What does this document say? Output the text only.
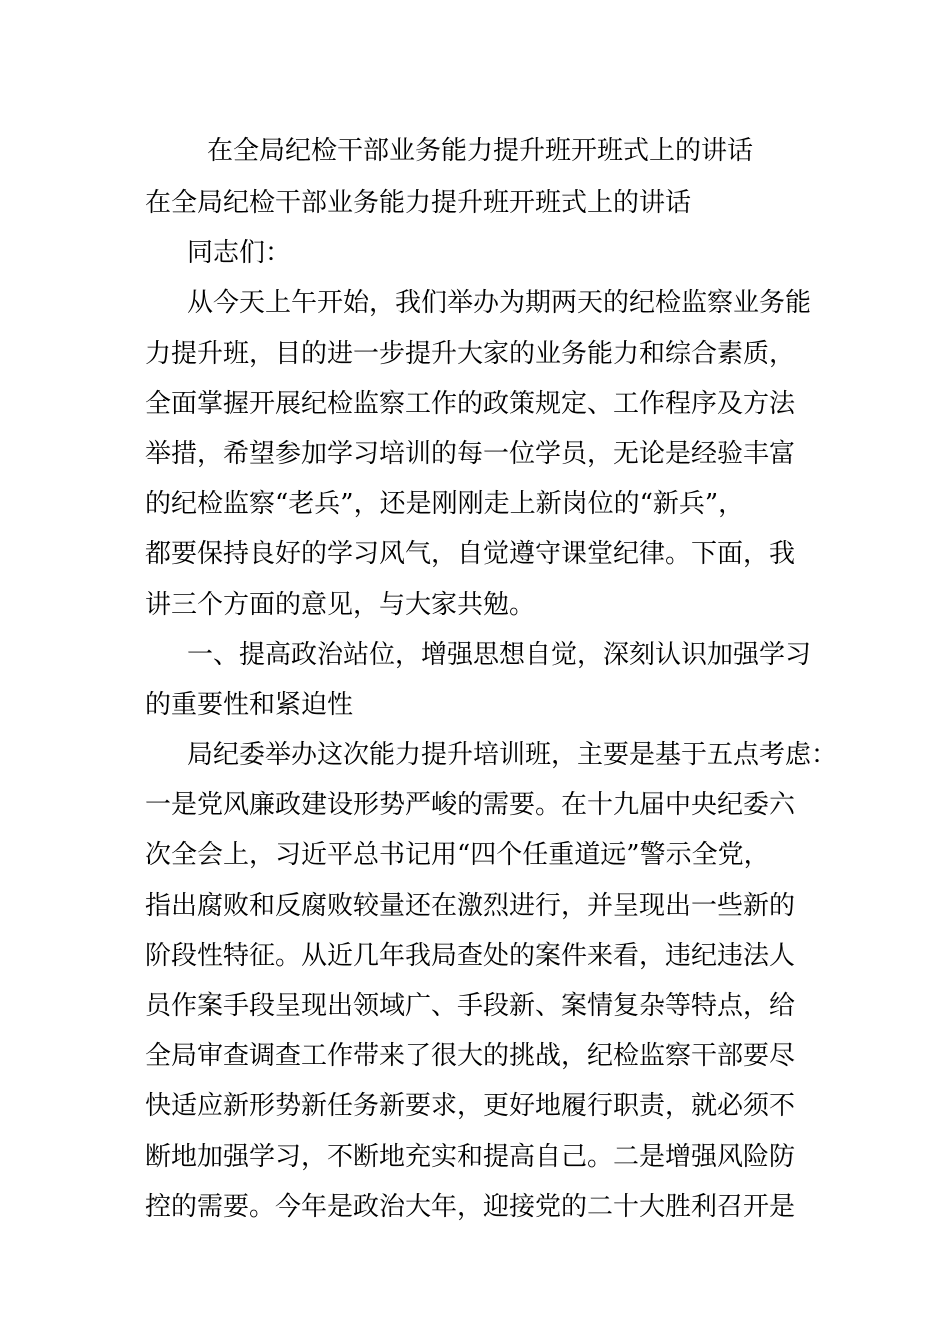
在全局纪检干部业务能力提升班开班式上的讲话

在全局纪检干部业务能力提升班开班式上的讲话

同志们：

从今天上午开始，我们举办为期两天的纪检监察业务能

力提升班，目的进一步提升大家的业务能力和综合素质，

全面掌握开展纪检监察工作的政策规定、工作程序及方法

举措，希望参加学习培训的每一位学员，无论是经验丰富

的纪检监察“老兵”，还是刚刚走上新岗位的“新兵”，

都要保持良好的学习风气，自觉遵守课堂纪律。下面，我

讲三个方面的意见，与大家共勉。

一、提高政治站位，增强思想自觉，深刻认识加强学习

的重要性和紧迫性

局纪委举办这次能力提升培训班，主要是基于五点考虑：

一是党风廉政建设形势严峻的需要。在十九届中央纪委六

次全会上，习近平总书记用“四个任重道远”警示全党，

指出腐败和反腐败较量还在激烈进行，并呈现出一些新的

阶段性特征。从近几年我局查处的案件来看，违纪违法人

员作案手段呈现出领域广、手段新、案情复杂等特点，给

全局审查调查工作带来了很大的挑战，纪检监察干部要尽

快适应新形势新任务新要求，更好地履行职责，就必须不

断地加强学习，不断地充实和提高自己。二是增强风险防

控的需要。今年是政治大年，迎接党的二十大胜利召开是
